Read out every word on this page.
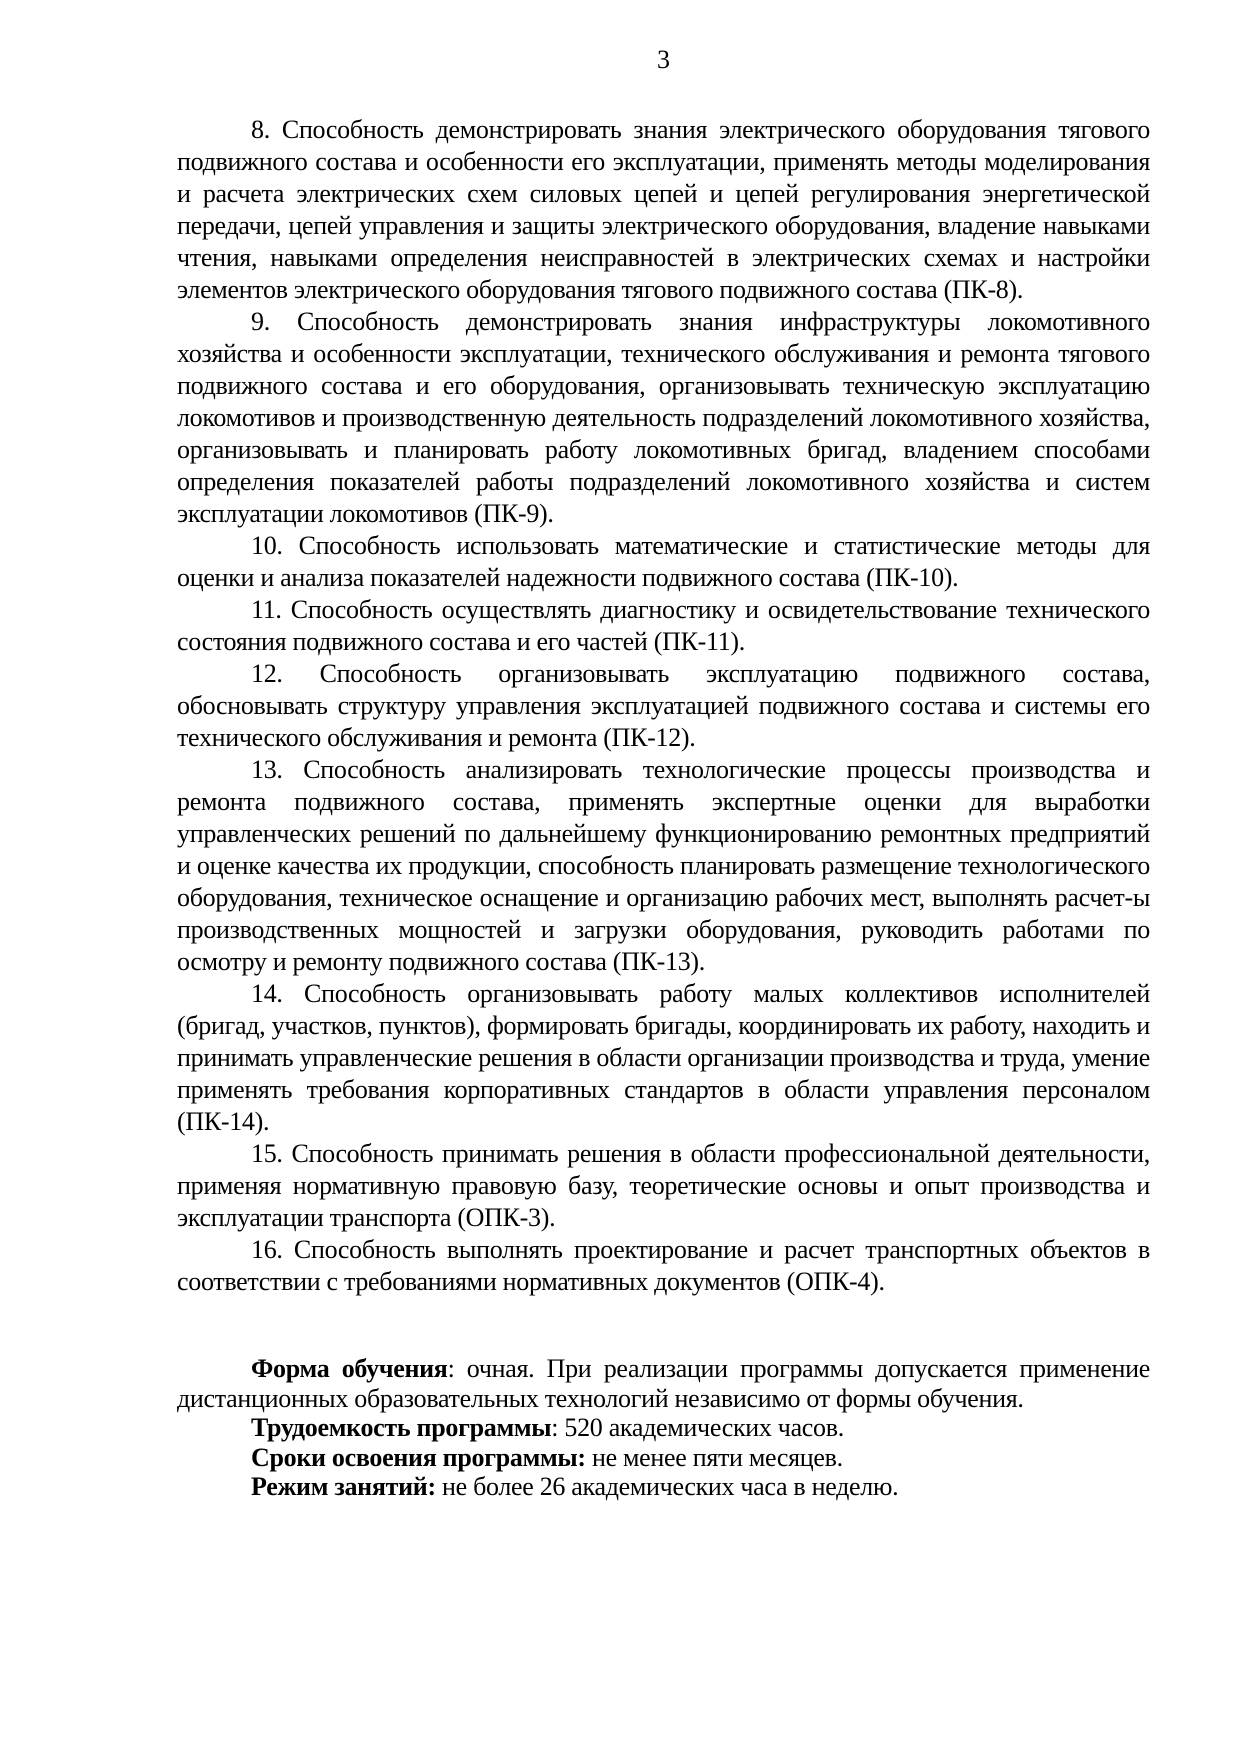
3

8. Способность демонстрировать знания электрического оборудования тягового подвижного состава и особенности его эксплуатации, применять методы моделирования и расчета электрических схем силовых цепей и цепей регулирования энергетической передачи, цепей управления и защиты электрического оборудования, владение навыками чтения, навыками определения неисправностей в электрических схемах и настройки элементов электрического оборудования тягового подвижного состава (ПК-8).

9. Способность демонстрировать знания инфраструктуры локомотивного хозяйства и особенности эксплуатации, технического обслуживания и ремонта тягового подвижного состава и его оборудования, организовывать техническую эксплуатацию локомотивов и производственную деятельность подразделений локомотивного хозяйства, организовывать и планировать работу локомотивных бригад, владением способами определения показателей работы подразделений локомотивного хозяйства и систем эксплуатации локомотивов (ПК-9).

10. Способность использовать математические и статистические методы для оценки и анализа показателей надежности подвижного состава (ПК-10).

11. Способность осуществлять диагностику и освидетельствование технического состояния подвижного состава и его частей (ПК-11).

12. Способность организовывать эксплуатацию подвижного состава, обосновывать структуру управления эксплуатацией подвижного состава и системы его технического обслуживания и ремонта (ПК-12).

13. Способность анализировать технологические процессы производства и ремонта подвижного состава, применять экспертные оценки для выработки управленческих решений по дальнейшему функционированию ремонтных предприятий и оценке качества их продукции, способность планировать размещение технологического оборудования, техническое оснащение и организацию рабочих мест, выполнять расчет-ы производственных мощностей и загрузки оборудования, руководить работами по осмотру и ремонту подвижного состава (ПК-13).

14. Способность организовывать работу малых коллективов исполнителей (бригад, участков, пунктов), формировать бригады, координировать их работу, находить и принимать управленческие решения в области организации производства и труда, умение применять требования корпоративных стандартов в области управления персоналом (ПК-14).

15. Способность принимать решения в области профессиональной деятельности, применяя нормативную правовую базу, теоретические основы и опыт производства и эксплуатации транспорта (ОПК-3).

16. Способность выполнять проектирование и расчет транспортных объектов в соответствии с требованиями нормативных документов (ОПК-4).

Форма обучения: очная. При реализации программы допускается применение дистанционных образовательных технологий независимо от формы обучения.

Трудоемкость программы: 520 академических часов.

Сроки освоения программы: не менее пяти месяцев.

Режим занятий: не более 26 академических часа в неделю.
